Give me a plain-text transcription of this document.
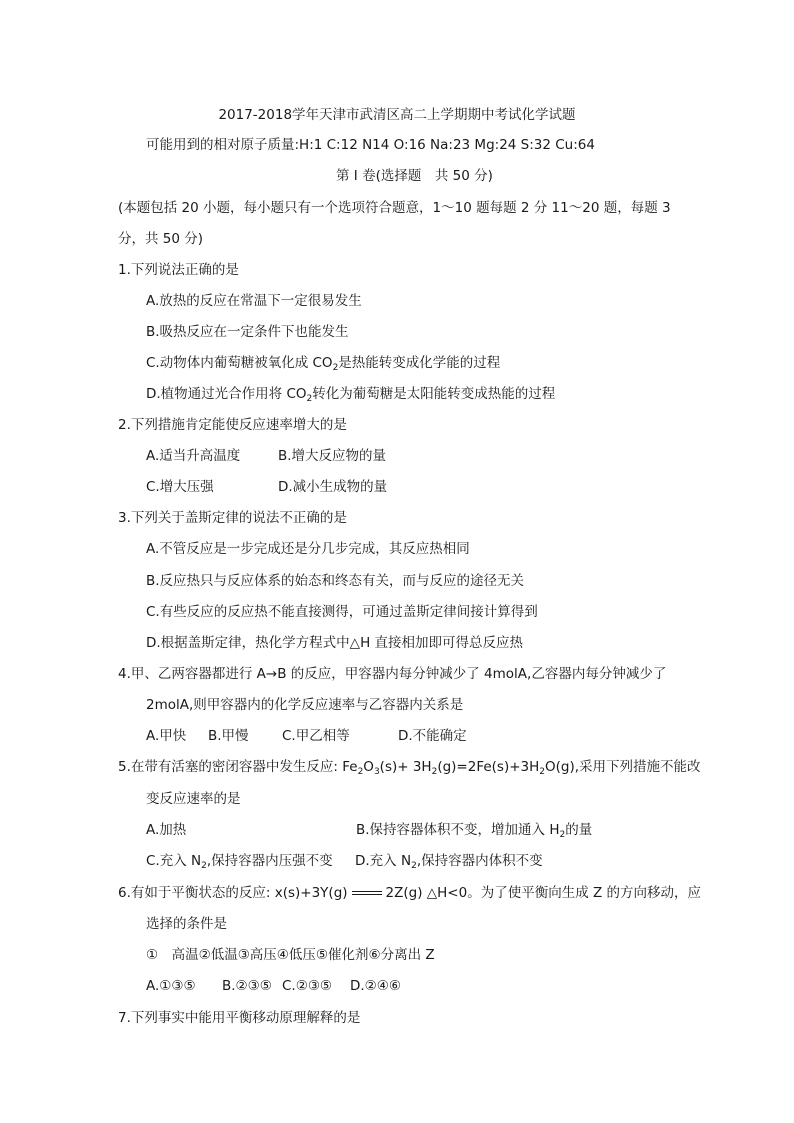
2017-2018学年天津市武清区高二上学期期中考试化学试题
可能用到的相对原子质量:H:1 C:12 N14 O:16 Na:23 Mg:24 S:32 Cu:64
第 I 卷(选择题　共 50 分)
(本题包括 20 小题，每小题只有一个选项符合题意，1～10 题每题 2 分 11～20 题，每题 3
分，共 50 分)
1.下列说法正确的是
A.放热的反应在常温下一定很易发生
B.吸热反应在一定条件下也能发生
C.动物体内葡萄糖被氧化成 $CO_2$是热能转变成化学能的过程
D.植物通过光合作用将 $CO_2$转化为葡萄糖是太阳能转变成热能的过程
2.下列措施肯定能使反应速率增大的是
A.适当升高温度	B.增大反应物的量
C.增大压强	D.减小生成物的量
3.下列关于盖斯定律的说法不正确的是
A.不管反应是一步完成还是分几步完成，其反应热相同
B.反应热只与反应体系的始态和终态有关，而与反应的途径无关
C.有些反应的反应热不能直接测得，可通过盖斯定律间接计算得到
D.根据盖斯定律，热化学方程式中△H 直接相加即可得总反应热
4.甲、乙两容器都进行 A→B 的反应，甲容器内每分钟减少了 4molA,乙容器内每分钟减少了
2molA,则甲容器内的化学反应速率与乙容器内关系是
A.甲快 B.甲慢 C.甲乙相等	D.不能确定
5.在带有活塞的密闭容器中发生反应: $Fe_2O_3(s)+ 3H_2(g)=2Fe(s)+3H_2O(g)$,采用下列措施不能改
变反应速率的是
A.加热	B.保持容器体积不变，增加通入 $H_2$的量
C.充入 $N_2$,保持容器内压强不变 D.充入 $N_2$,保持容器内体积不变
6.有如于平衡状态的反应: x(s)+3Y(g)	2Z(g) △H<0。为了使平衡向生成 Z 的方向移动，应
选择的条件是
①　高温②低温③高压④低压⑤催化剂⑥分离出 Z
A.①③⑤ B.②③⑤ C.②③⑤ D.②④⑥
7.下列事实中能用平衡移动原理解释的是
